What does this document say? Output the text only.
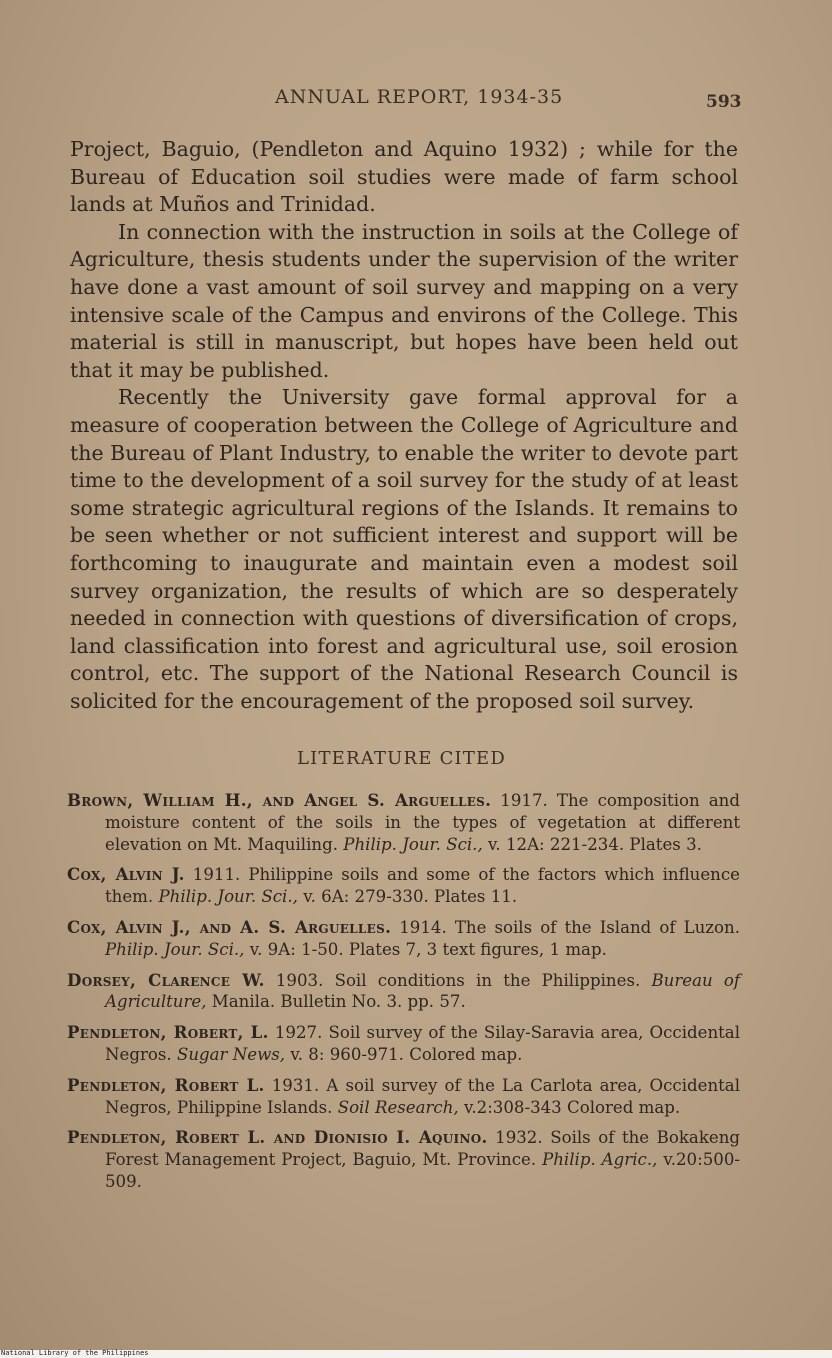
ANNUAL REPORT, 1934-35	593

Project, Baguio, (Pendleton and Aquino 1932) ; while for the Bureau of Education soil studies were made of farm school lands at Muños and Trinidad.

In connection with the instruction in soils at the College of Agriculture, thesis students under the supervision of the writer have done a vast amount of soil survey and mapping on a very intensive scale of the Campus and environs of the College. This material is still in manuscript, but hopes have been held out that it may be published.

Recently the University gave formal approval for a measure of cooperation between the College of Agriculture and the Bureau of Plant Industry, to enable the writer to devote part time to the development of a soil survey for the study of at least some strategic agricultural regions of the Islands. It remains to be seen whether or not sufficient interest and support will be forthcoming to inaugurate and maintain even a modest soil survey organization, the results of which are so desperately needed in connection with questions of diversification of crops, land classification into forest and agricultural use, soil erosion control, etc. The support of the National Research Council is solicited for the encouragement of the proposed soil survey.

LITERATURE CITED

Brown, William H., and Angel S. Arguelles. 1917. The composition and moisture content of the soils in the types of vegetation at different elevation on Mt. Maquiling. Philip. Jour. Sci., v. 12A: 221-234. Plates 3.

Cox, Alvin J. 1911. Philippine soils and some of the factors which influence them. Philip. Jour. Sci., v. 6A: 279-330. Plates 11.

Cox, Alvin J., and A. S. Arguelles. 1914. The soils of the Island of Luzon. Philip. Jour. Sci., v. 9A: 1-50. Plates 7, 3 text figures, 1 map.

Dorsey, Clarence W. 1903. Soil conditions in the Philippines. Bureau of Agriculture, Manila. Bulletin No. 3. pp. 57.

Pendleton, Robert, L. 1927. Soil survey of the Silay-Saravia area, Occidental Negros. Sugar News, v. 8: 960-971. Colored map.

Pendleton, Robert L. 1931. A soil survey of the La Carlota area, Occidental Negros, Philippine Islands. Soil Research, v.2:308-343 Colored map.

Pendleton, Robert L. and Dionisio I. Aquino. 1932. Soils of the Bokakeng Forest Management Project, Baguio, Mt. Province. Philip. Agric., v.20:500-509.

National Library of the Philippines
